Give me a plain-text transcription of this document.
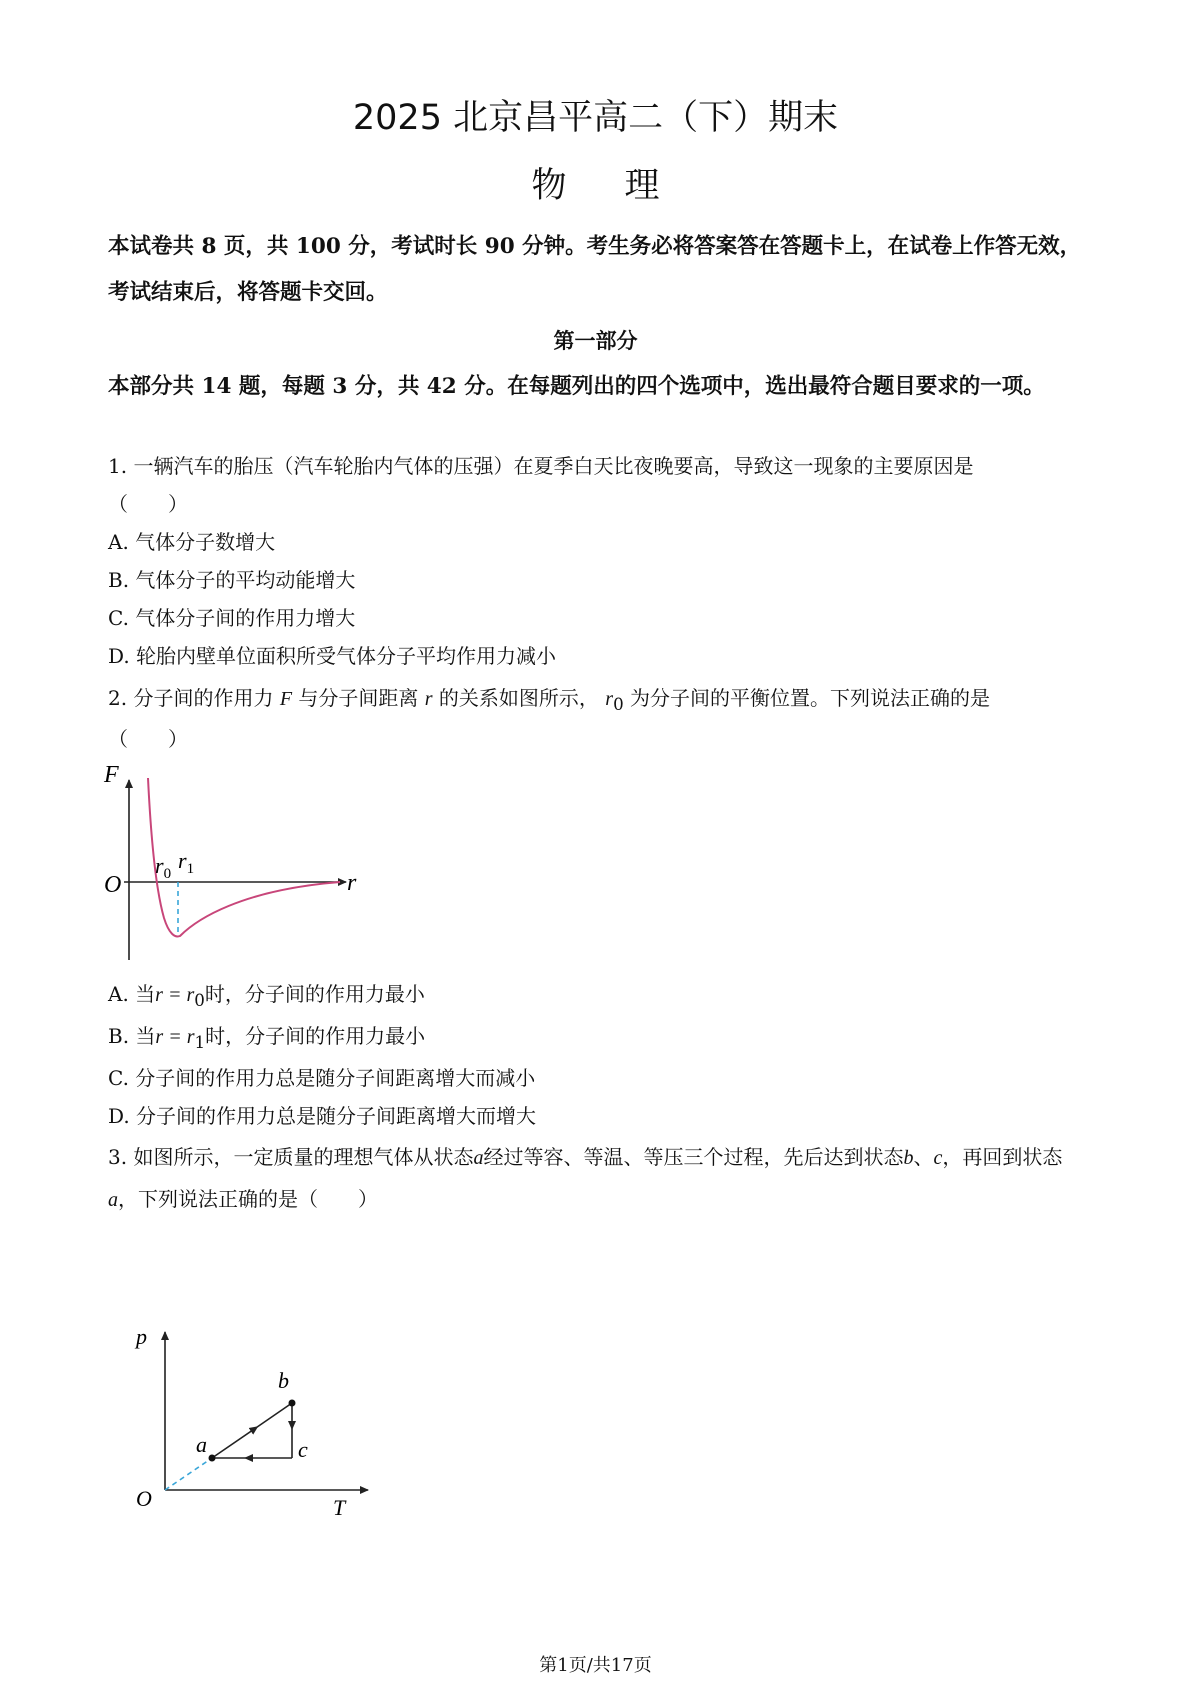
2025 北京昌平高二（下）期末
物理
本试卷共 8 页，共 100 分，考试时长 90 分钟。考生务必将答案答在答题卡上，在试卷上作答无效，考试结束后，将答题卡交回。
第一部分
本部分共 14 题，每题 3 分，共 42 分。在每题列出的四个选项中，选出最符合题目要求的一项。
1. 一辆汽车的胎压（汽车轮胎内气体的压强）在夏季白天比夜晚要高，导致这一现象的主要原因是
（　　）
A. 气体分子数增大
B. 气体分子的平均动能增大
C. 气体分子间的作用力增大
D. 轮胎内壁单位面积所受气体分子平均作用力减小
2. 分子间的作用力 F 与分子间距离 r 的关系如图所示， $r_0$ 为分子间的平衡位置。下列说法正确的是
（　　）
F
r
O
$r_0$
$r_1$
A. 当$r = r_0$时，分子间的作用力最小
B. 当$r = r_1$时，分子间的作用力最小
C. 分子间的作用力总是随分子间距离增大而减小
D. 分子间的作用力总是随分子间距离增大而增大
3. 如图所示，一定质量的理想气体从状态a经过等容、等温、等压三个过程，先后达到状态b、c，再回到状态a，下列说法正确的是（　　）
p
T
O
a
b
c
第1页/共17页
